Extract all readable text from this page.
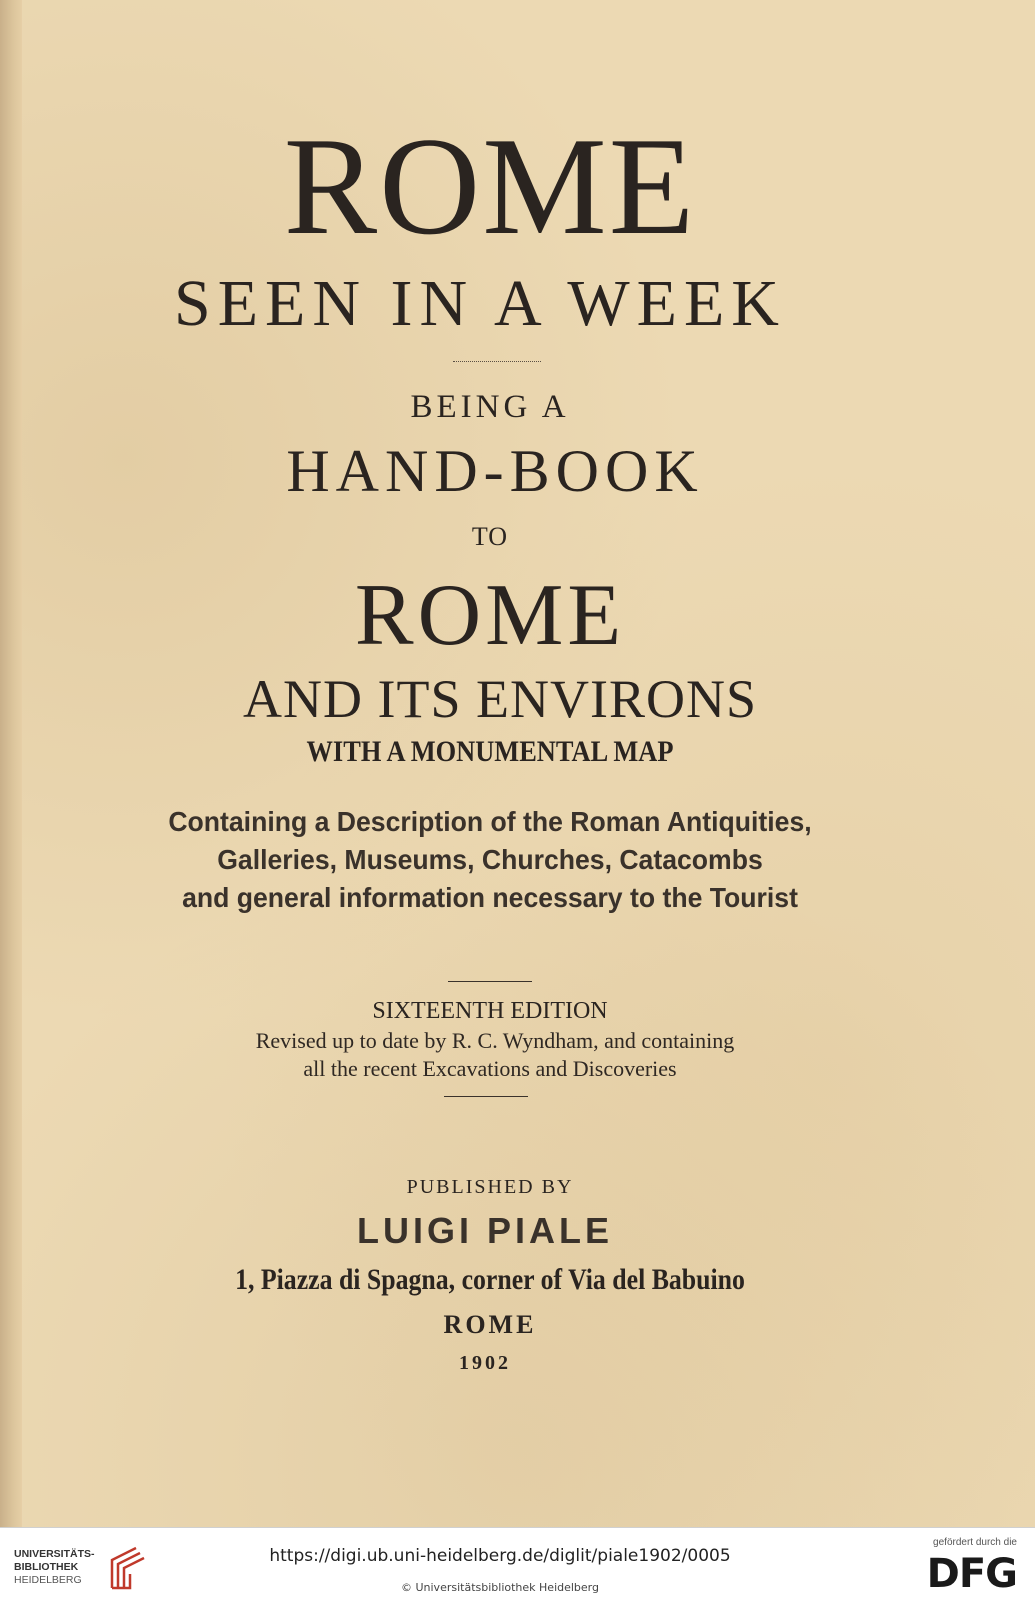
ROME
SEEN IN A WEEK
BEING A
HAND-BOOK
TO
ROME
AND ITS ENVIRONS
WITH A MONUMENTAL MAP
Containing a Description of the Roman Antiquities,
Galleries, Museums, Churches, Catacombs
and general information necessary to the Tourist
SIXTEENTH EDITION
Revised up to date by R. C. Wyndham, and containing
all the recent Excavations and Discoveries
PUBLISHED BY
LUIGI PIALE
1, Piazza di Spagna, corner of Via del Babuino
ROME
1902
UNIVERSITÄTS-
BIBLIOTHEK
HEIDELBERG
https://digi.ub.uni-heidelberg.de/diglit/piale1902/0005
© Universitätsbibliothek Heidelberg
gefördert durch die
DFG
